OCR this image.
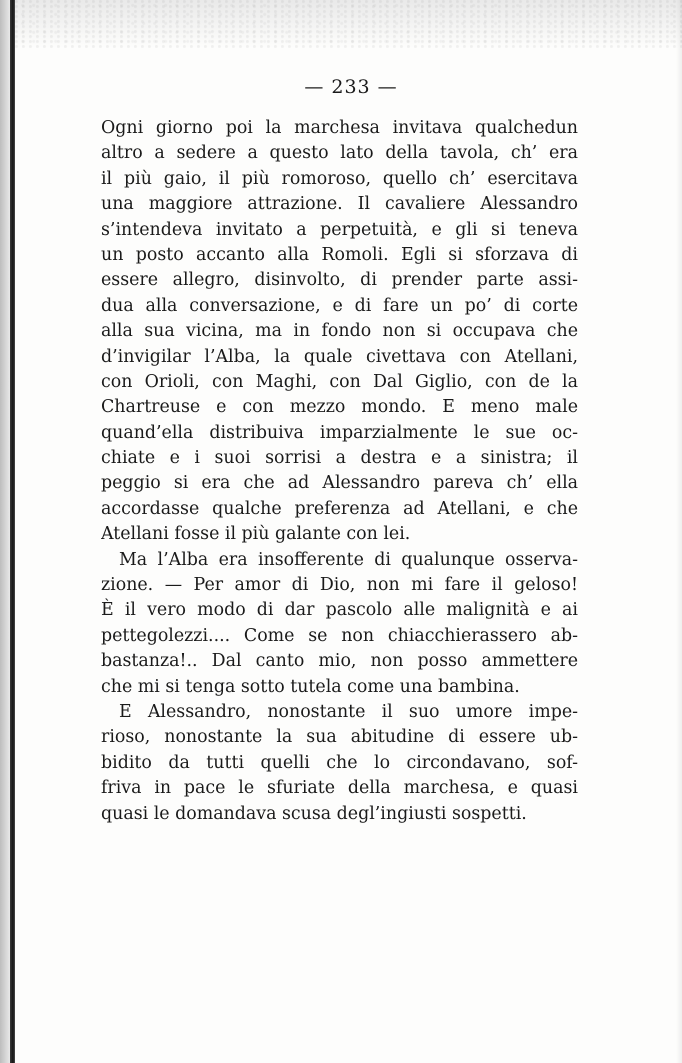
— 233 —
Ogni giorno poi la marchesa invitava qualchedun
altro a sedere a questo lato della tavola, ch’ era
il più gaio, il più romoroso, quello ch’ esercitava
una maggiore attrazione. Il cavaliere Alessandro
s’intendeva invitato a perpetuità, e gli si teneva
un posto accanto alla Romoli. Egli si sforzava di
essere allegro, disinvolto, di prender parte assi-
dua alla conversazione, e di fare un po’ di corte
alla sua vicina, ma in fondo non si occupava che
d’invigilar l’Alba, la quale civettava con Atellani,
con Orioli, con Maghi, con Dal Giglio, con de la
Chartreuse e con mezzo mondo. E meno male
quand’ella distribuiva imparzialmente le sue oc-
chiate e i suoi sorrisi a destra e a sinistra; il
peggio si era che ad Alessandro pareva ch’ ella
accordasse qualche preferenza ad Atellani, e che
Atellani fosse il più galante con lei.
Ma l’Alba era insofferente di qualunque osserva-
zione. — Per amor di Dio, non mi fare il geloso!
È il vero modo di dar pascolo alle malignità e ai
pettegolezzi.... Come se non chiacchierassero ab-
bastanza!.. Dal canto mio, non posso ammettere
che mi si tenga sotto tutela come una bambina.
E Alessandro, nonostante il suo umore impe-
rioso, nonostante la sua abitudine di essere ub-
bidito da tutti quelli che lo circondavano, sof-
friva in pace le sfuriate della marchesa, e quasi
quasi le domandava scusa degl’ingiusti sospetti.
